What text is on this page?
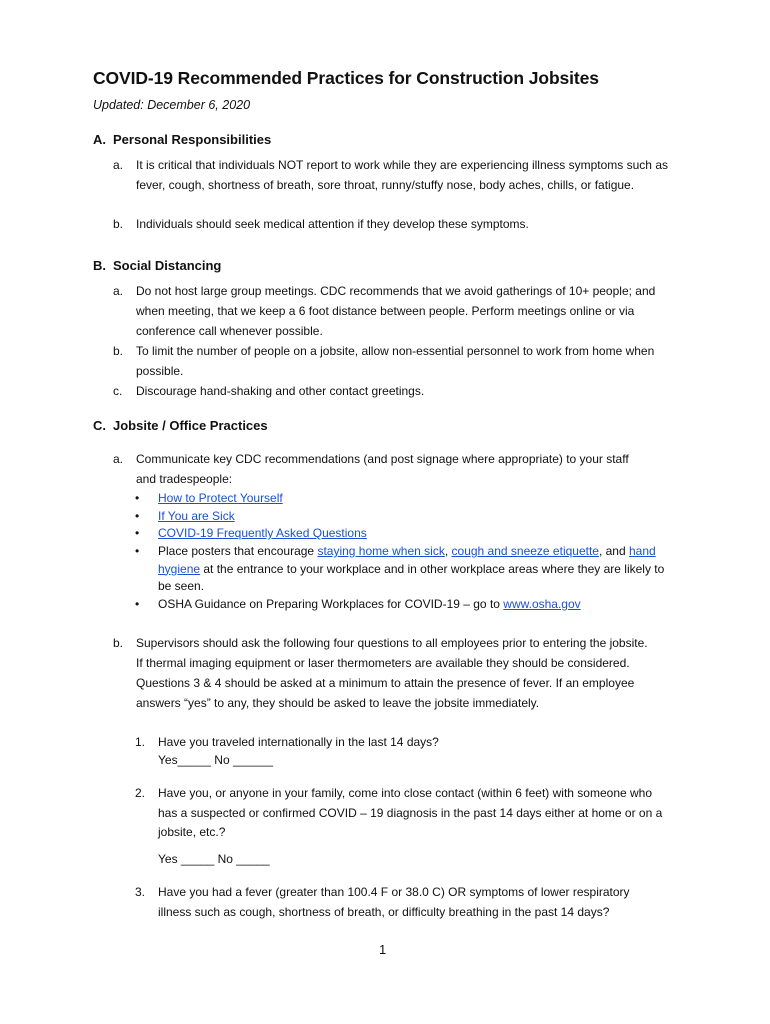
COVID-19 Recommended Practices for Construction Jobsites
Updated: December 6, 2020
A. Personal Responsibilities
a. It is critical that individuals NOT report to work while they are experiencing illness symptoms such as fever, cough, shortness of breath, sore throat, runny/stuffy nose, body aches, chills, or fatigue.
b. Individuals should seek medical attention if they develop these symptoms.
B. Social Distancing
a. Do not host large group meetings. CDC recommends that we avoid gatherings of 10+ people; and when meeting, that we keep a 6 foot distance between people. Perform meetings online or via conference call whenever possible.
b. To limit the number of people on a jobsite, allow non-essential personnel to work from home when possible.
c. Discourage hand-shaking and other contact greetings.
C. Jobsite / Office Practices
a. Communicate key CDC recommendations (and post signage where appropriate) to your staff and tradespeople:
• How to Protect Yourself
• If You are Sick
• COVID-19 Frequently Asked Questions
• Place posters that encourage staying home when sick, cough and sneeze etiquette, and hand hygiene at the entrance to your workplace and in other workplace areas where they are likely to be seen.
• OSHA Guidance on Preparing Workplaces for COVID-19 – go to www.osha.gov
b. Supervisors should ask the following four questions to all employees prior to entering the jobsite. If thermal imaging equipment or laser thermometers are available they should be considered. Questions 3 & 4 should be asked at a minimum to attain the presence of fever. If an employee answers “yes” to any, they should be asked to leave the jobsite immediately.
1. Have you traveled internationally in the last 14 days?
Yes_____ No ______
2. Have you, or anyone in your family, come into close contact (within 6 feet) with someone who has a suspected or confirmed COVID – 19 diagnosis in the past 14 days either at home or on a jobsite, etc.?
Yes _____ No _____
3. Have you had a fever (greater than 100.4 F or 38.0 C) OR symptoms of lower respiratory illness such as cough, shortness of breath, or difficulty breathing in the past 14 days?
1
